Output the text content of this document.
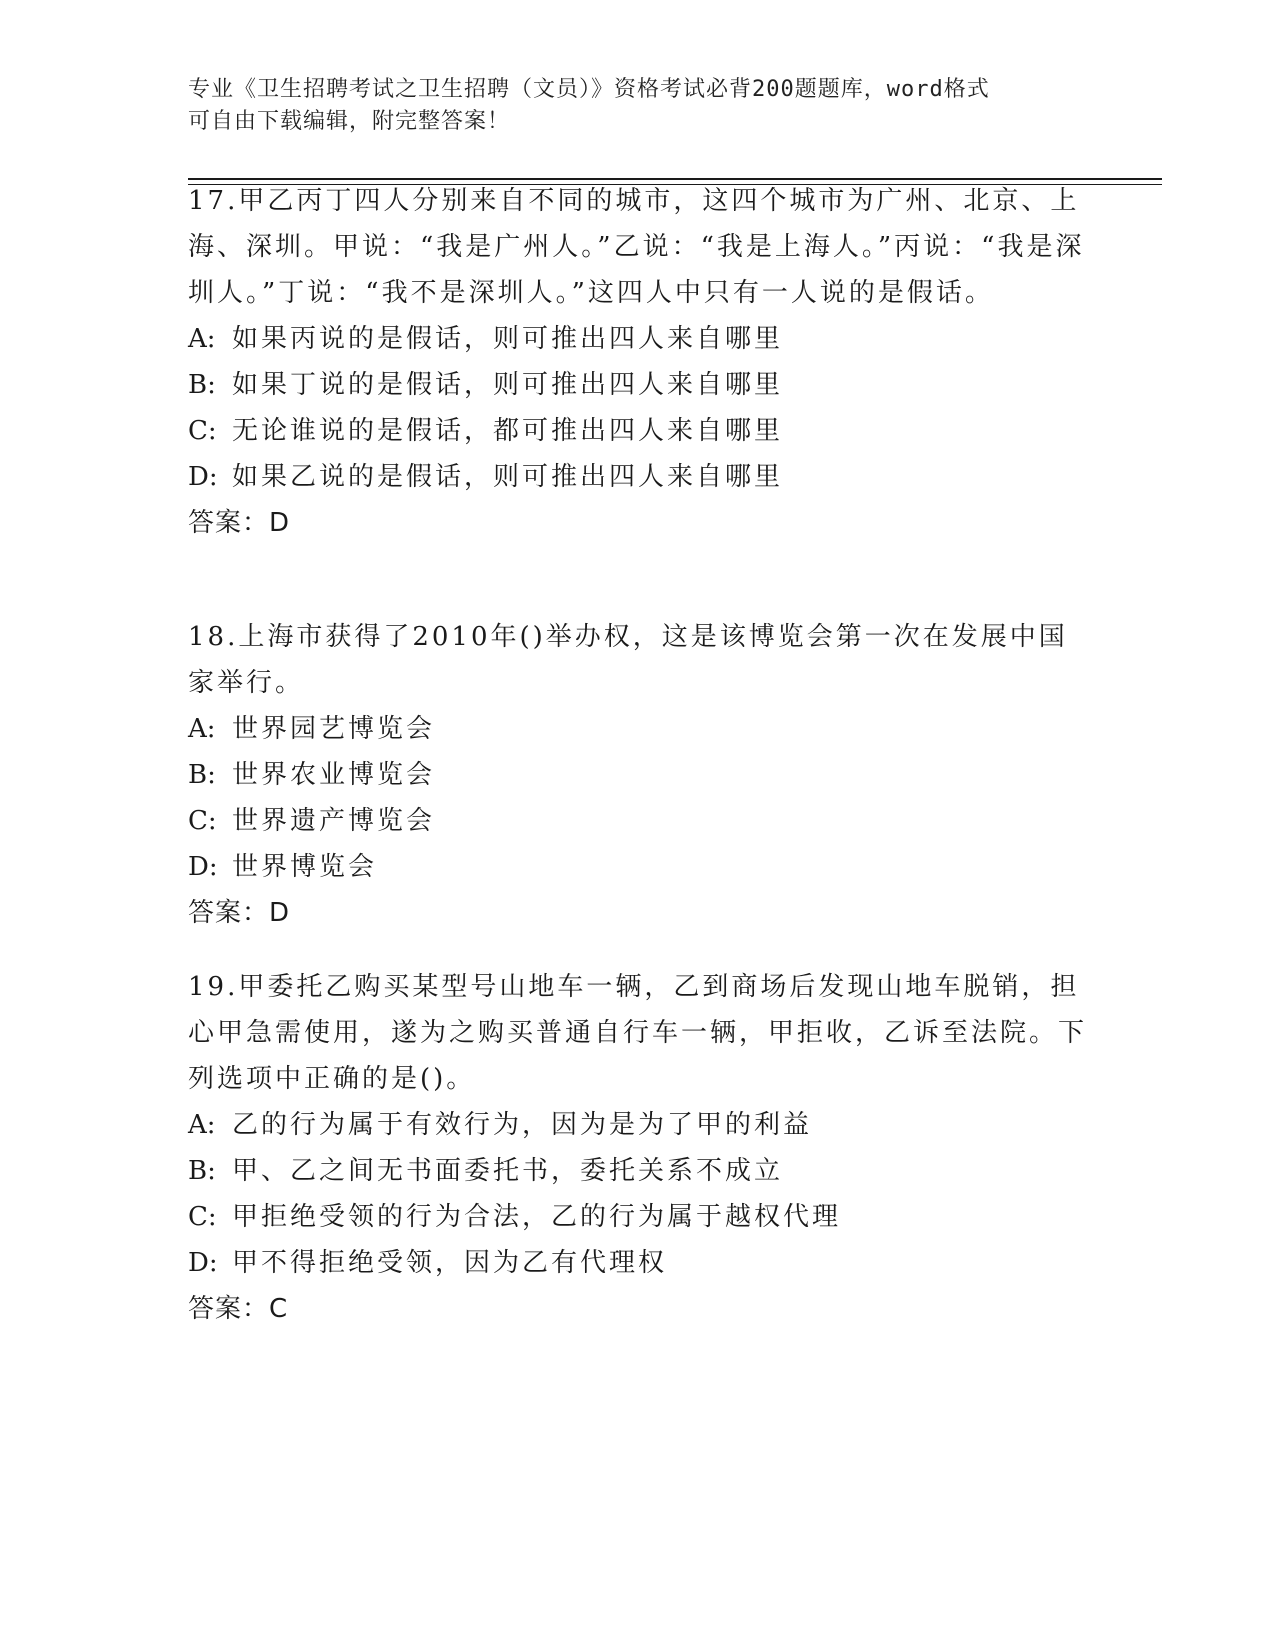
专业《卫生招聘考试之卫生招聘（文员）》资格考试必背200题题库，word格式
可自由下载编辑，附完整答案！

17.甲乙丙丁四人分别来自不同的城市，这四个城市为广州、北京、上海、深圳。甲说：“我是广州人。”乙说：“我是上海人。”丙说：“我是深圳人。”丁说：“我不是深圳人。”这四人中只有一人说的是假话。

A: 如果丙说的是假话，则可推出四人来自哪里

B: 如果丁说的是假话，则可推出四人来自哪里

C: 无论谁说的是假话，都可推出四人来自哪里

D: 如果乙说的是假话，则可推出四人来自哪里

答案：D

18.上海市获得了2010年()举办权，这是该博览会第一次在发展中国家举行。

A: 世界园艺博览会

B: 世界农业博览会

C: 世界遗产博览会

D: 世界博览会

答案：D

19.甲委托乙购买某型号山地车一辆，乙到商场后发现山地车脱销，担心甲急需使用，遂为之购买普通自行车一辆，甲拒收，乙诉至法院。下列选项中正确的是()。

A: 乙的行为属于有效行为，因为是为了甲的利益

B: 甲、乙之间无书面委托书，委托关系不成立

C: 甲拒绝受领的行为合法，乙的行为属于越权代理

D: 甲不得拒绝受领，因为乙有代理权

答案：C
